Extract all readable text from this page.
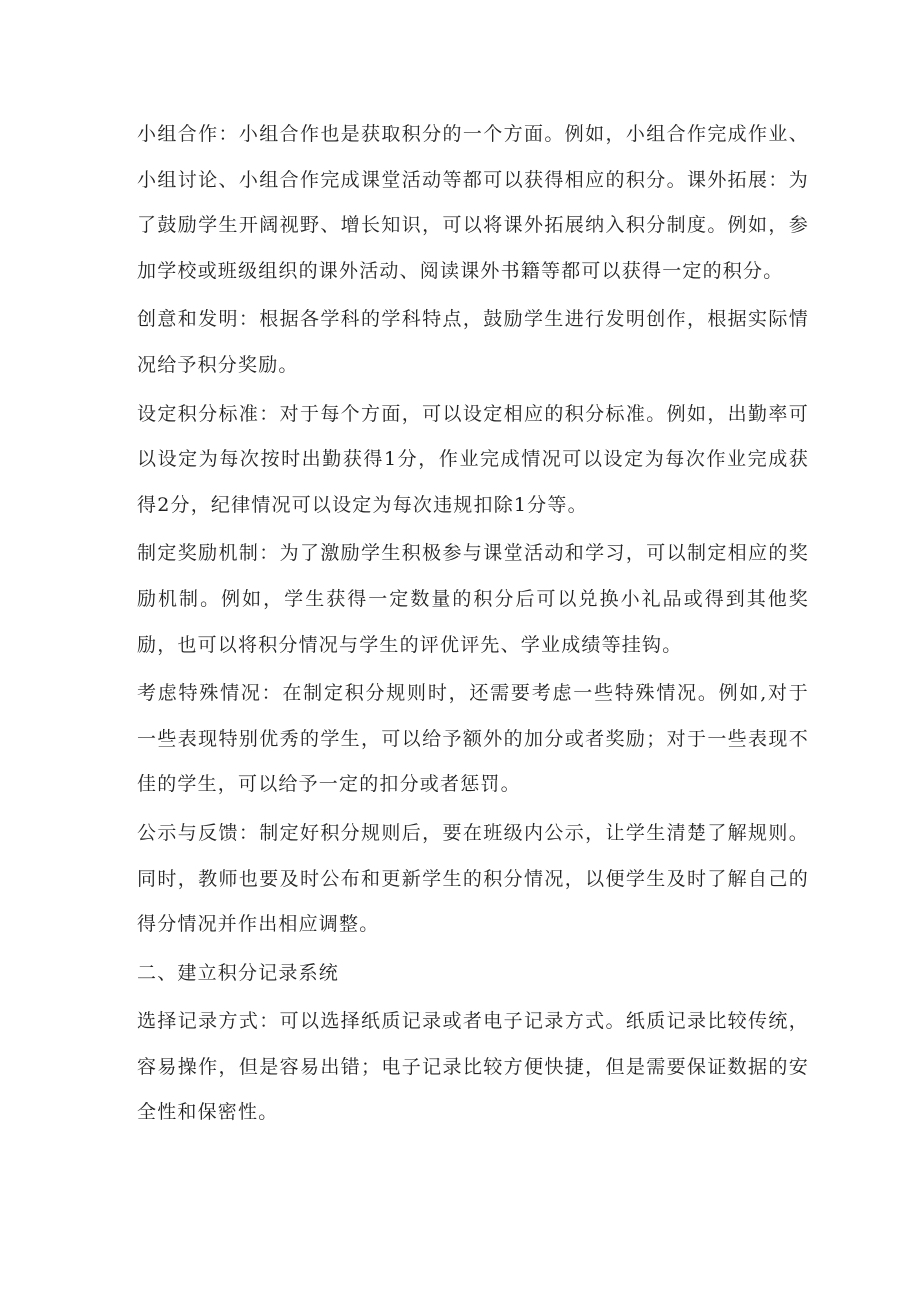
小组合作：小组合作也是获取积分的一个方面。例如，小组合作完成作业、小组讨论、小组合作完成课堂活动等都可以获得相应的积分。课外拓展：为了鼓励学生开阔视野、增长知识，可以将课外拓展纳入积分制度。例如，参加学校或班级组织的课外活动、阅读课外书籍等都可以获得一定的积分。

创意和发明：根据各学科的学科特点，鼓励学生进行发明创作，根据实际情况给予积分奖励。

设定积分标准：对于每个方面，可以设定相应的积分标准。例如，出勤率可以设定为每次按时出勤获得1分，作业完成情况可以设定为每次作业完成获得2分，纪律情况可以设定为每次违规扣除1分等。

制定奖励机制：为了激励学生积极参与课堂活动和学习，可以制定相应的奖励机制。例如，学生获得一定数量的积分后可以兑换小礼品或得到其他奖励，也可以将积分情况与学生的评优评先、学业成绩等挂钩。

考虑特殊情况：在制定积分规则时，还需要考虑一些特殊情况。例如,对于一些表现特别优秀的学生，可以给予额外的加分或者奖励；对于一些表现不佳的学生，可以给予一定的扣分或者惩罚。

公示与反馈：制定好积分规则后，要在班级内公示，让学生清楚了解规则。同时，教师也要及时公布和更新学生的积分情况，以便学生及时了解自己的得分情况并作出相应调整。

二、建立积分记录系统

选择记录方式：可以选择纸质记录或者电子记录方式。纸质记录比较传统，容易操作，但是容易出错；电子记录比较方便快捷，但是需要保证数据的安全性和保密性。
